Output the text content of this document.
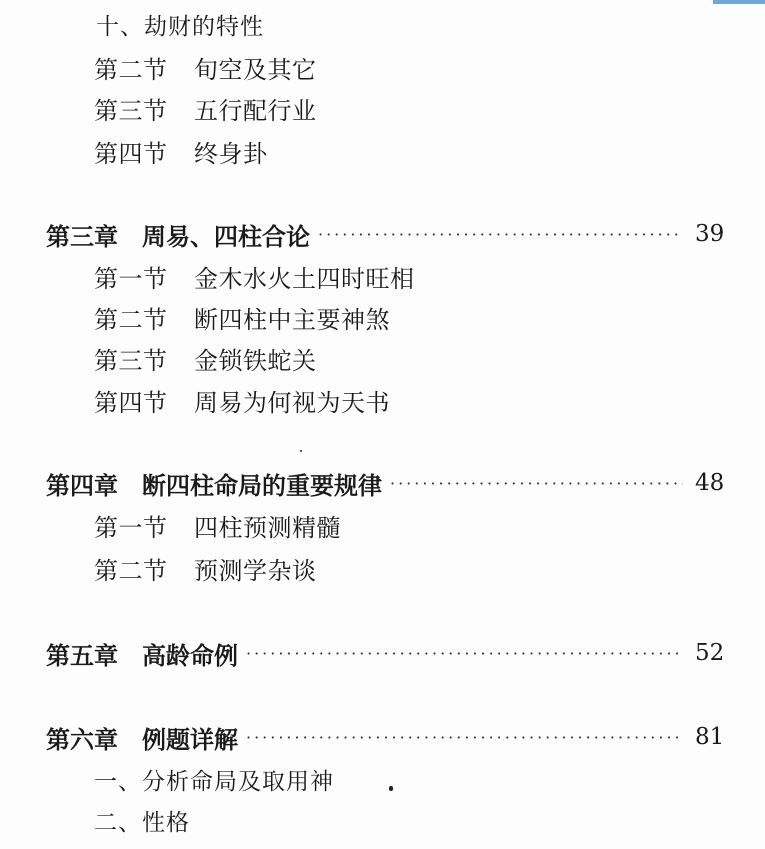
十、劫财的特性
第二节	旬空及其它
第三节	五行配行业
第四节	终身卦
第三章	周易、四柱合论 ·····	39
第一节	金木水火土四时旺相
第二节	断四柱中主要神煞
第三节	金锁铁蛇关
第四节	周易为何视为天书
第四章	断四柱命局的重要规律 ·····	48
第一节	四柱预测精髓
第二节	预测学杂谈
第五章	高龄命例 ·····	52
第六章	例题详解 ·····	81
一、分析命局及取用神
二、性格
